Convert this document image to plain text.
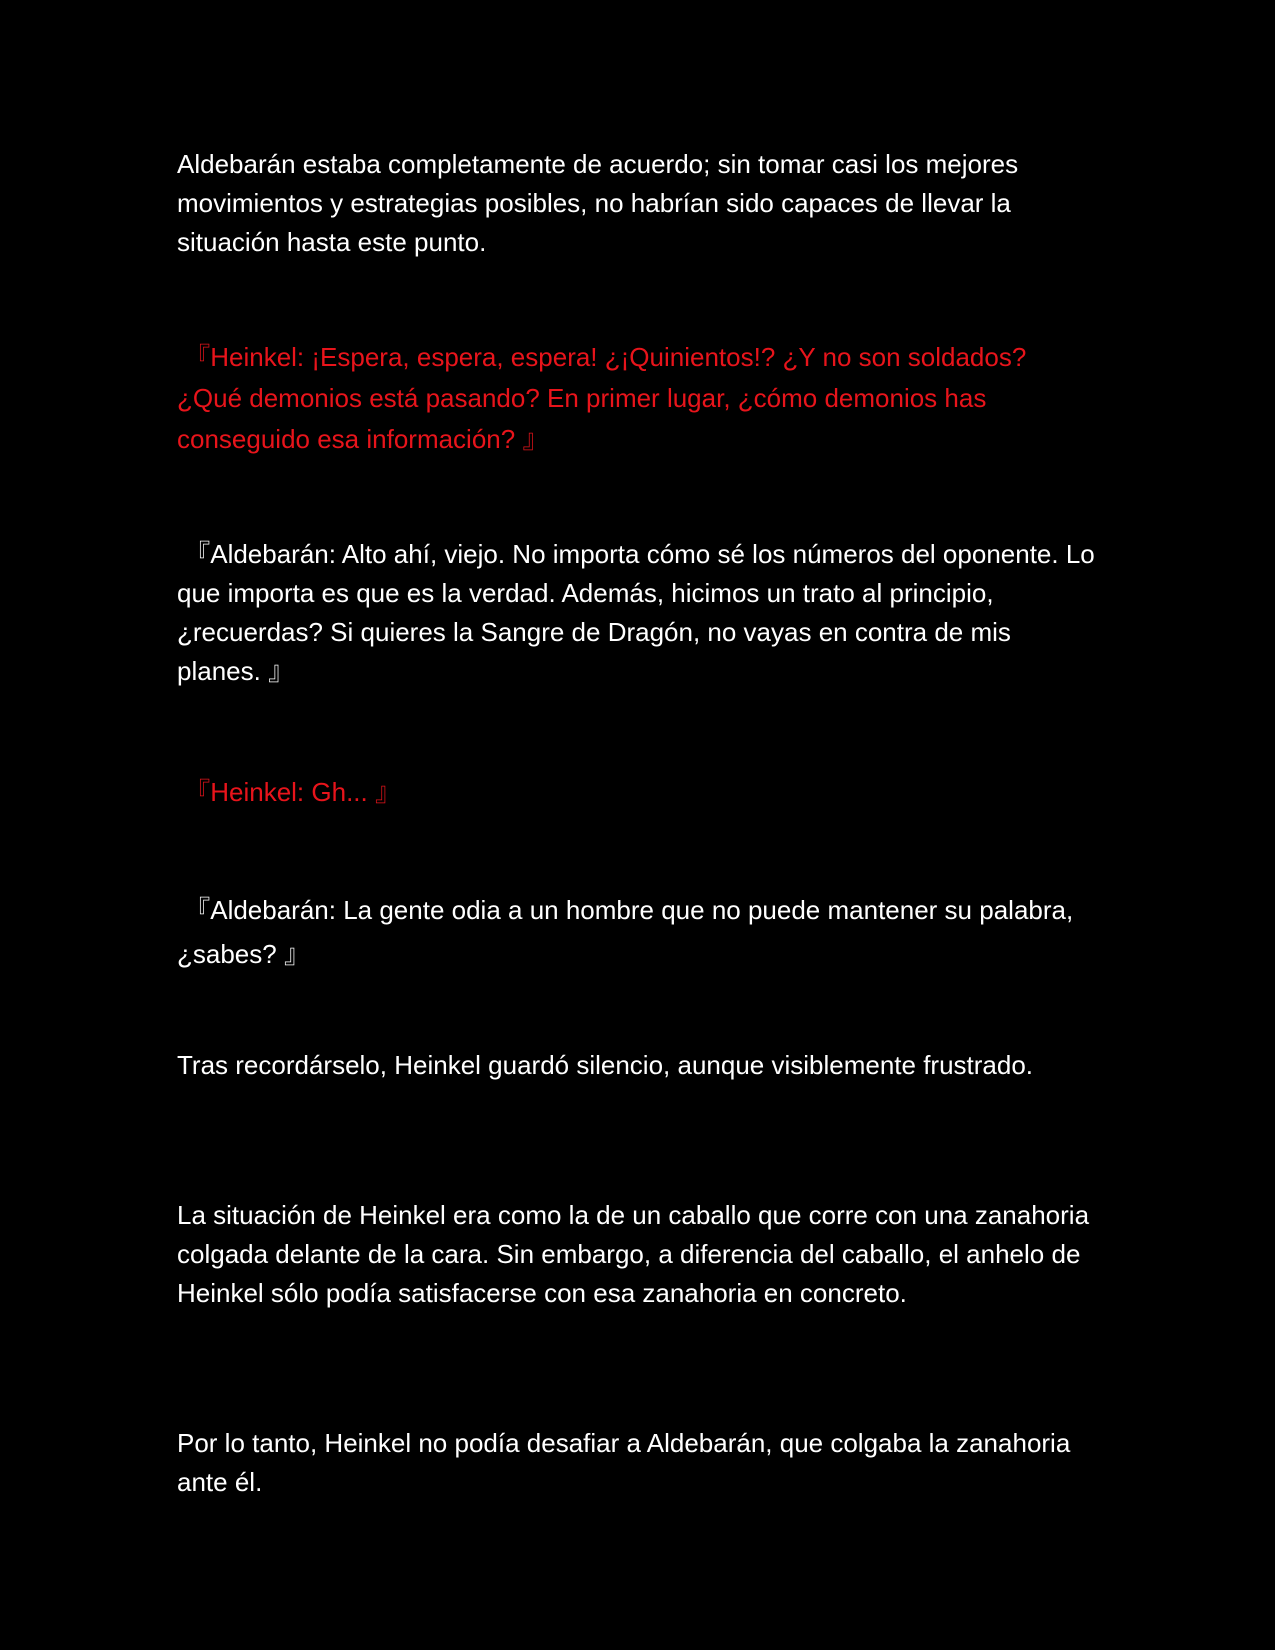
Aldebarán estaba completamente de acuerdo; sin tomar casi los mejores movimientos y estrategias posibles, no habrían sido capaces de llevar la situación hasta este punto.

『Heinkel: ¡Espera, espera, espera! ¿¡Quinientos!? ¿Y no son soldados? ¿Qué demonios está pasando? En primer lugar, ¿cómo demonios has conseguido esa información? 』

『Aldebarán: Alto ahí, viejo. No importa cómo sé los números del oponente. Lo que importa es que es la verdad. Además, hicimos un trato al principio, ¿recuerdas? Si quieres la Sangre de Dragón, no vayas en contra de mis planes. 』

『Heinkel: Gh... 』

『Aldebarán: La gente odia a un hombre que no puede mantener su palabra, ¿sabes? 』

Tras recordárselo, Heinkel guardó silencio, aunque visiblemente frustrado.

La situación de Heinkel era como la de un caballo que corre con una zanahoria colgada delante de la cara. Sin embargo, a diferencia del caballo, el anhelo de Heinkel sólo podía satisfacerse con esa zanahoria en concreto.

Por lo tanto, Heinkel no podía desafiar a Aldebarán, que colgaba la zanahoria ante él.
